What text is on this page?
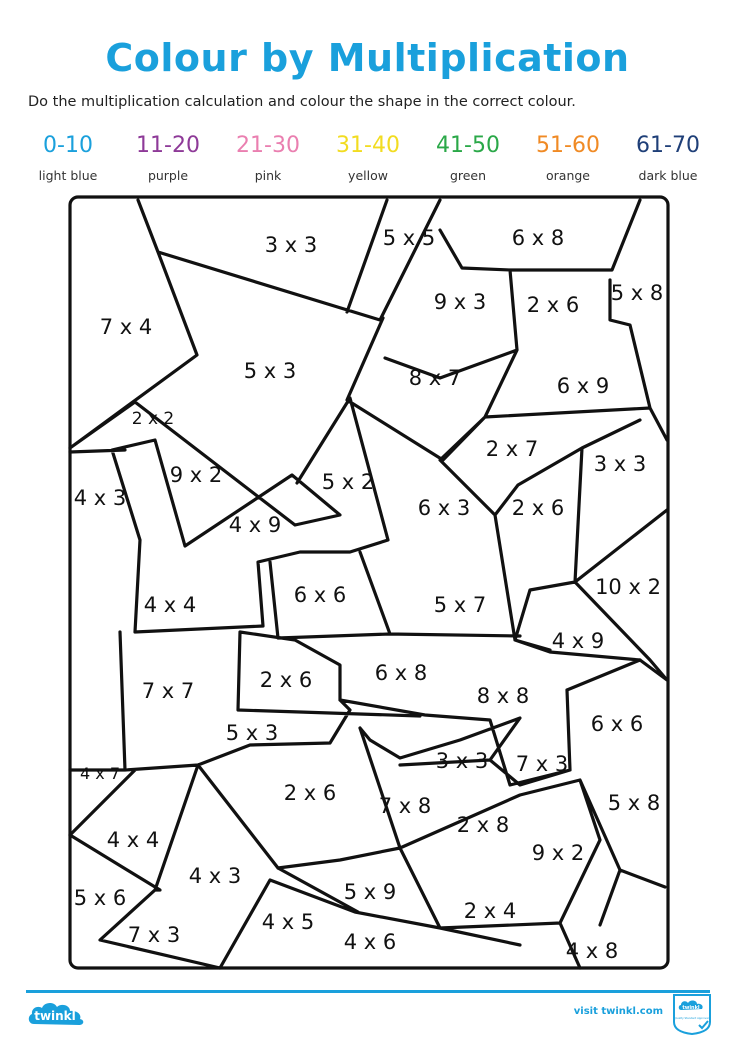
Colour by Multiplication
Do the multiplication calculation and colour the shape in the correct colour.
0-10
light blue
11-20
purple
21-30
pink
31-40
yellow
41-50
green
51-60
orange
61-70
dark blue
3 x 3	5 x 5	6 x 8
9 x 3 2 x 6 5 x 8
7 x 4
5 x 3	8 x 7	6 x 9
2 x 2
2 x 7
3 x 3
4 x 3
9 x 2	5 x 2
6 x 3 2 x 6
4 x 9
6 x 6	5 x 7
10 x 2
4 x 4
4 x 9
2 x 6	6 x 8
7 x 7	8 x 8
6 x 6
5 x 3
3 x 3 7 x 3
4 x 7
2 x 6
7 x 8	5 x 8
2 x 8
4 x 4
9 x 2
4 x 3
5 x 9
5 x 6
2 x 4
7 x 3
4 x 5
4 x 6	4 x 8
twinkl	visit twinkl.com	twinkl
Quality Standard Approved
